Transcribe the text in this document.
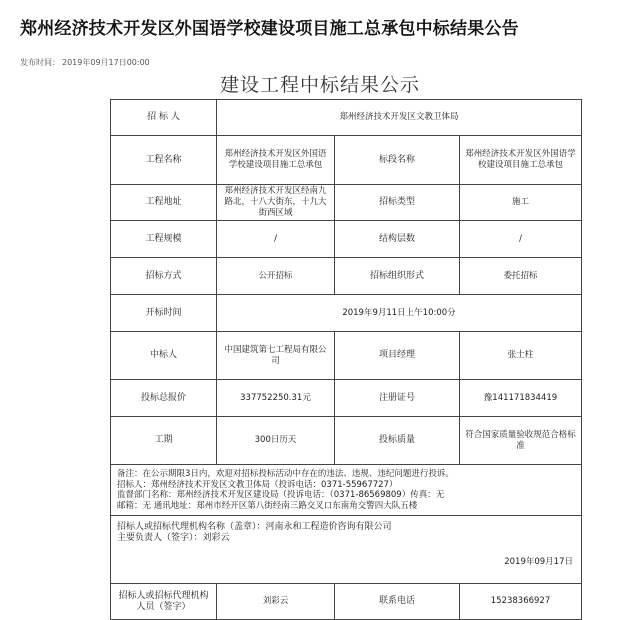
郑州经济技术开发区外国语学校建设项目施工总承包中标结果公告
发布时间： 2019年09月17日00:00
建设工程中标结果公示
招 标 人	郑州经济技术开发区文教卫体局		
工程名称	郑州经济技术开发区外国语学校建设项目施工总承包	标段名称	郑州经济技术开发区外国语学校建设项目施工总承包
工程地址	郑州经济技术开发区经南九路北，十八大街东，十九大街西区域	招标类型	施工
工程规模	/	结构层数	/
招标方式	公开招标	招标组织形式	委托招标
开标时间	2019年9月11日上午10:00分		
中标人	中国建筑第七工程局有限公司	项目经理	张士柱
投标总报价	337752250.31元	注册证号	豫141171834419
工期	300日历天	投标质量	符合国家质量验收规范合格标准

备注：在公示期限3日内，欢迎对招标投标活动中存在的违法、违规、违纪问题进行投诉。
招标人：郑州经济技术开发区文教卫体局（投诉电话：0371-55967727）
监督部门名称：郑州经济技术开发区建设局（投诉电话：（0371-86569809）传真：无
邮箱：无 通讯地址：郑州市经开区第八街经南三路交叉口东南角交警四大队五楼			

招标人或招标代理机构名称（盖章）：河南永和工程造价咨询有限公司
主要负责人（签字）：刘彩云
2019年09月17日			

招标人或招标代理机构人员（签字）	刘彩云	联系电话	15238366927
